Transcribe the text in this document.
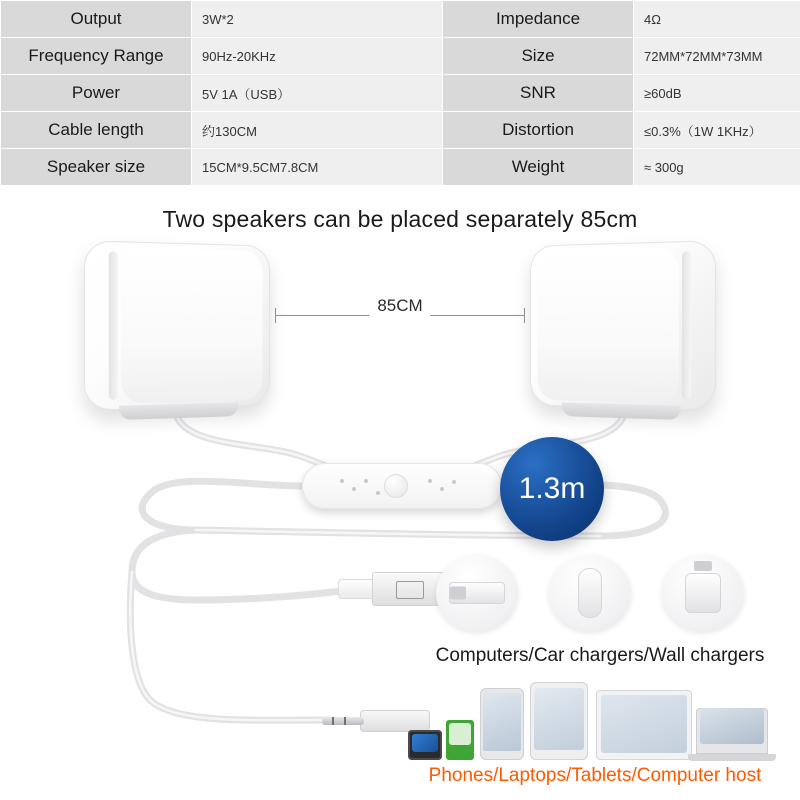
Output	3W*2	Impedance	4Ω
Frequency Range	90Hz-20KHz	Size	72MM*72MM*73MM
Power	5V 1A（USB）	SNR	≥60dB
Cable length	约130CM	Distortion	≤0.3%（1W 1KHz）
Speaker size	15CM*9.5CM7.8CM	Weight	≈ 300g
Two speakers can be placed separately 85cm
85CM
1.3m
Computers/Car chargers/Wall chargers
Phones/Laptops/Tablets/Computer host
